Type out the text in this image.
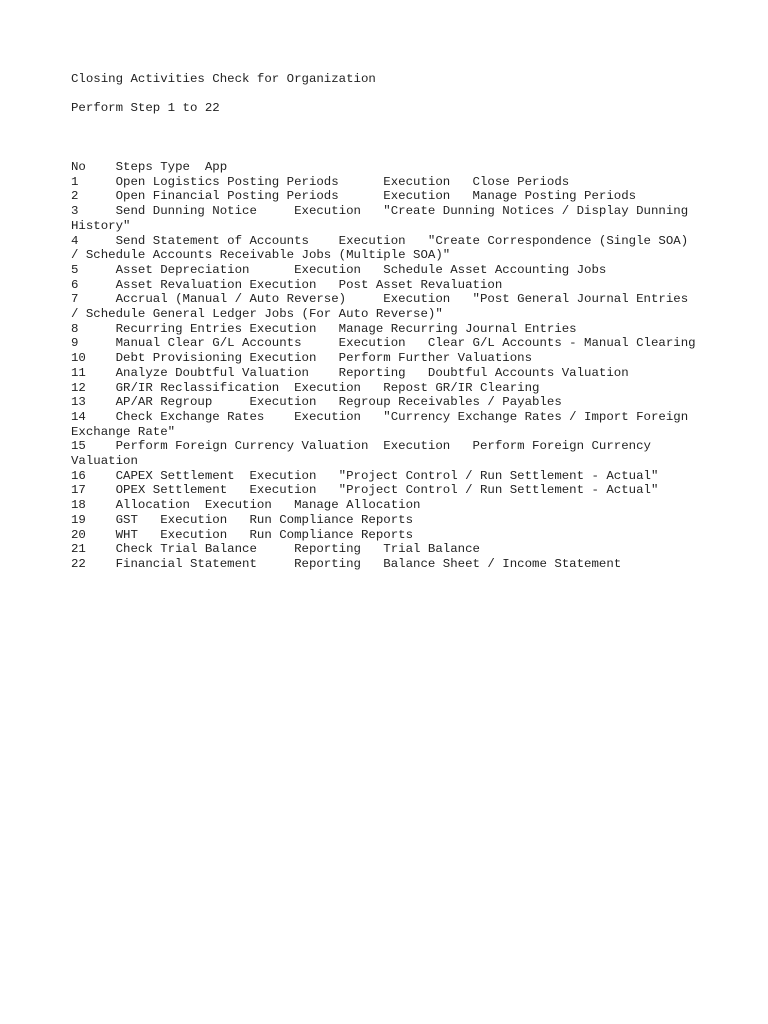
Closing Activities Check for Organization
Perform Step 1 to 22
No    Steps Type  App
1     Open Logistics Posting Periods      Execution   Close Periods
2     Open Financial Posting Periods      Execution   Manage Posting Periods
3     Send Dunning Notice     Execution   "Create Dunning Notices / Display Dunning History"
4     Send Statement of Accounts    Execution   "Create Correspondence (Single SOA) / Schedule Accounts Receivable Jobs (Multiple SOA)"
5     Asset Depreciation      Execution   Schedule Asset Accounting Jobs
6     Asset Revaluation Execution   Post Asset Revaluation
7     Accrual (Manual / Auto Reverse)     Execution   "Post General Journal Entries / Schedule General Ledger Jobs (For Auto Reverse)"
8     Recurring Entries Execution   Manage Recurring Journal Entries
9     Manual Clear G/L Accounts     Execution   Clear G/L Accounts - Manual Clearing
10    Debt Provisioning Execution   Perform Further Valuations
11    Analyze Doubtful Valuation    Reporting   Doubtful Accounts Valuation
12    GR/IR Reclassification  Execution   Repost GR/IR Clearing
13    AP/AR Regroup     Execution   Regroup Receivables / Payables
14    Check Exchange Rates    Execution   "Currency Exchange Rates / Import Foreign Exchange Rate"
15    Perform Foreign Currency Valuation  Execution   Perform Foreign Currency Valuation
16    CAPEX Settlement  Execution   "Project Control / Run Settlement - Actual"
17    OPEX Settlement   Execution   "Project Control / Run Settlement - Actual"
18    Allocation  Execution   Manage Allocation
19    GST   Execution   Run Compliance Reports
20    WHT   Execution   Run Compliance Reports
21    Check Trial Balance     Reporting   Trial Balance
22    Financial Statement     Reporting   Balance Sheet / Income Statement
